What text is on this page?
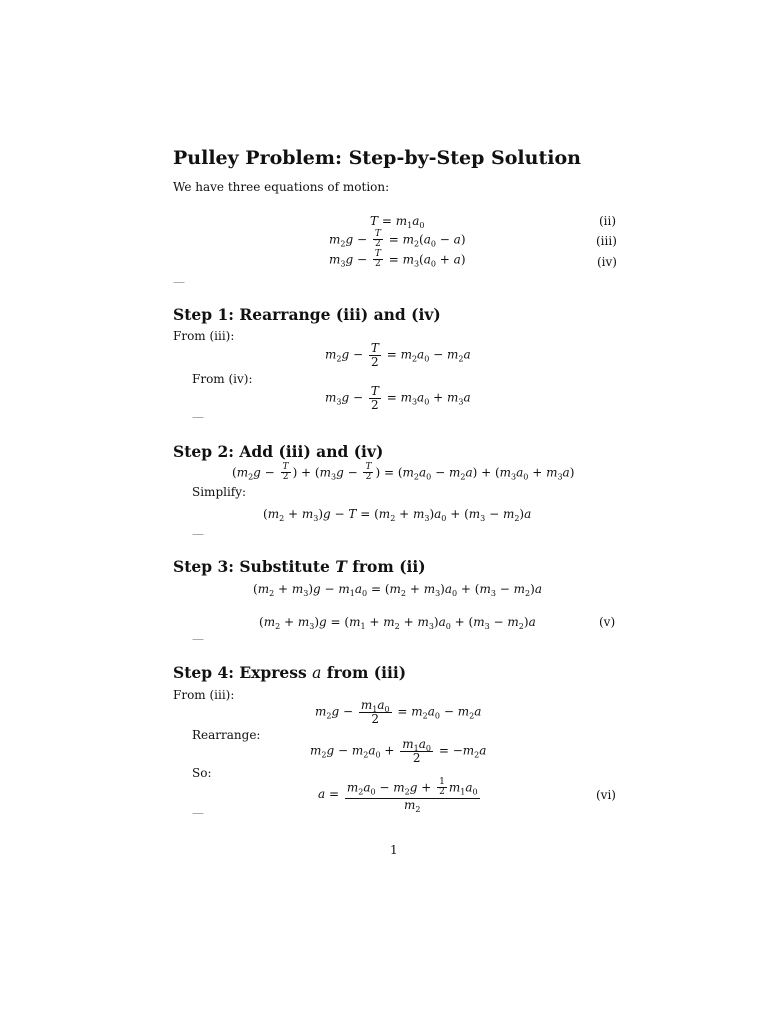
Pulley Problem: Step-by-Step Solution
We have three equations of motion:
$T = m_1a_0$	(ii)
$m_2g - \frac{T}{2} = m_2(a_0 - a)$	(iii)
$m_3g - \frac{T}{2} = m_3(a_0 + a)$	(iv)
—
Step 1: Rearrange (iii) and (iv)
From (iii):
$m_2g - \frac{T}{2} = m_2a_0 - m_2a$
From (iv):
$m_3g - \frac{T}{2} = m_3a_0 + m_3a$
—
Step 2: Add (iii) and (iv)
($m_2g - \frac{T}{2}$ ) + ($m_3g - \frac{T}{2}$ ) = $(m_2a_0 - m_2a) + (m_3a_0 + m_3a)$
Simplify:
$(m_2 + m_3)g - T = (m_2 + m_3)a_0 + (m_3 - m_2)a$
—
Step 3: Substitute T from (ii)
$(m_2 + m_3)g - m_1a_0 = (m_2 + m_3)a_0 + (m_3 - m_2)a$
$(m_2 + m_3)g = (m_1 + m_2 + m_3)a_0 + (m_3 - m_2)a$	(v)
—
Step 4: Express a from (iii)
From (iii):
$m_2g - \frac{m_1a_0}{2} = m_2a_0 - m_2a$
Rearrange:
$m_2g - m_2a_0 + \frac{m_1a_0}{2} = -m_2a$
So:
$a = \frac{m_2a_0 - m_2g + \frac{1}{2} m_1a_0}{m_2}$	(vi)
—
1
